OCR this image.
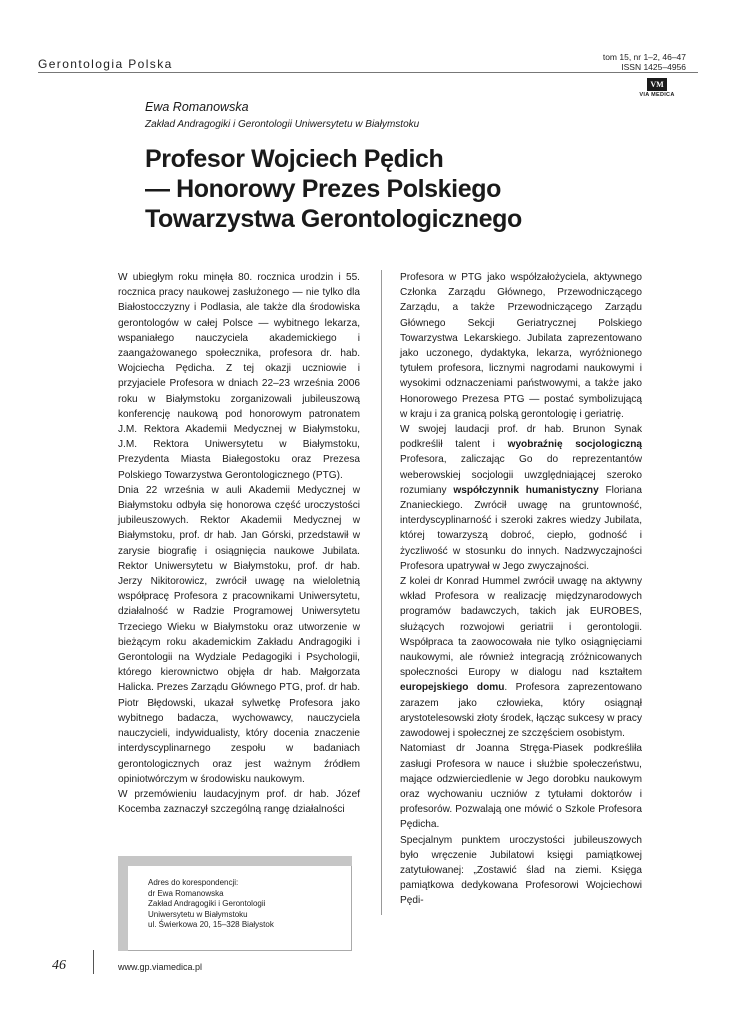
Gerontologia Polska	tom 15, nr 1–2, 46–47
ISSN 1425–4956
VM
VIA MEDICA
Ewa Romanowska
Zakład Andragogiki i Gerontologii Uniwersytetu w Białymstoku
Profesor Wojciech Pędich
— Honorowy Prezes Polskiego
Towarzystwa Gerontologicznego

W ubiegłym roku minęła 80. rocznica urodzin i 55. rocznica pracy naukowej zasłużonego — nie tylko dla Białostocczyzny i Podlasia, ale także dla środowiska gerontologów w całej Polsce — wybitnego lekarza, wspaniałego nauczyciela akademickiego i zaangażowanego społecznika, profesora dr. hab. Wojciecha Pędicha. Z tej okazji uczniowie i przyjaciele Profesora w dniach 22–23 września 2006 roku w Białymstoku zorganizowali jubileuszową konferencję naukową pod honorowym patronatem J.M. Rektora Akademii Medycznej w Białymstoku, J.M. Rektora Uniwersytetu w Białymstoku, Prezydenta Miasta Białegostoku oraz Prezesa Polskiego Towarzystwa Gerontologicznego (PTG).

Dnia 22 września w auli Akademii Medycznej w Białymstoku odbyła się honorowa część uroczystości jubileuszowych. Rektor Akademii Medycznej w Białymstoku, prof. dr hab. Jan Górski, przedstawił w zarysie biografię i osiągnięcia naukowe Jubilata. Rektor Uniwersytetu w Białymstoku, prof. dr hab. Jerzy Nikitorowicz, zwrócił uwagę na wieloletnią współpracę Profesora z pracownikami Uniwersytetu, działalność w Radzie Programowej Uniwersytetu Trzeciego Wieku w Białymstoku oraz utworzenie w bieżącym roku akademickim Zakładu Andragogiki i Gerontologii na Wydziale Pedagogiki i Psychologii, którego kierownictwo objęła dr hab. Małgorzata Halicka. Prezes Zarządu Głównego PTG, prof. dr hab. Piotr Błędowski, ukazał sylwetkę Profesora jako wybitnego badacza, wychowawcy, nauczyciela nauczycieli, indywidualisty, który docenia znaczenie interdyscyplinarnego zespołu w badaniach gerontologicznych oraz jest ważnym źródłem opiniotwórczym w środowisku naukowym.

W przemówieniu laudacyjnym prof. dr hab. Józef Kocemba zaznaczył szczególną rangę działalności

Profesora w PTG jako współzałożyciela, aktywnego Członka Zarządu Głównego, Przewodniczącego Zarządu, a także Przewodniczącego Zarządu Głównego Sekcji Geriatrycznej Polskiego Towarzystwa Lekarskiego. Jubilata zaprezentowano jako uczonego, dydaktyka, lekarza, wyróżnionego tytułem profesora, licznymi nagrodami naukowymi i wysokimi odznaczeniami państwowymi, a także jako Honorowego Prezesa PTG — postać symbolizującą w kraju i za granicą polską gerontologię i geriatrię.

W swojej laudacji prof. dr hab. Brunon Synak podkreślił talent i wyobraźnię socjologiczną Profesora, zaliczając Go do reprezentantów weberowskiej socjologii uwzględniającej szeroko rozumiany współczynnik humanistyczny Floriana Znanieckiego. Zwrócił uwagę na gruntowność, interdyscyplinarność i szeroki zakres wiedzy Jubilata, której towarzyszą dobroć, ciepło, godność i życzliwość w stosunku do innych. Nadzwyczajności Profesora upatrywał w Jego zwyczajności.

Z kolei dr Konrad Hummel zwrócił uwagę na aktywny wkład Profesora w realizację międzynarodowych programów badawczych, takich jak EUROBES, służących rozwojowi geriatrii i gerontologii. Współpraca ta zaowocowała nie tylko osiągnięciami naukowymi, ale również integracją zróżnicowanych społeczności Europy w dialogu nad kształtem europejskiego domu. Profesora zaprezentowano zarazem jako człowieka, który osiągnął arystotelesowski złoty środek, łącząc sukcesy w pracy zawodowej i społecznej ze szczęściem osobistym.

Natomiast dr Joanna Stręga-Piasek podkreśliła zasługi Profesora w nauce i służbie społeczeństwu, mające odzwierciedlenie w Jego dorobku naukowym oraz wychowaniu uczniów z tytułami doktorów i profesorów. Pozwalają one mówić o Szkole Profesora Pędicha.

Specjalnym punktem uroczystości jubileuszowych było wręczenie Jubilatowi księgi pamiątkowej zatytułowanej: „Zostawić ślad na ziemi. Księga pamiątkowa dedykowana Profesorowi Wojciechowi Pędi-

Adres do korespondencji:
dr Ewa Romanowska
Zakład Andragogiki i Gerontologii
Uniwersytetu w Białymstoku
ul. Świerkowa 20, 15–328 Białystok
46	www.gp.viamedica.pl
